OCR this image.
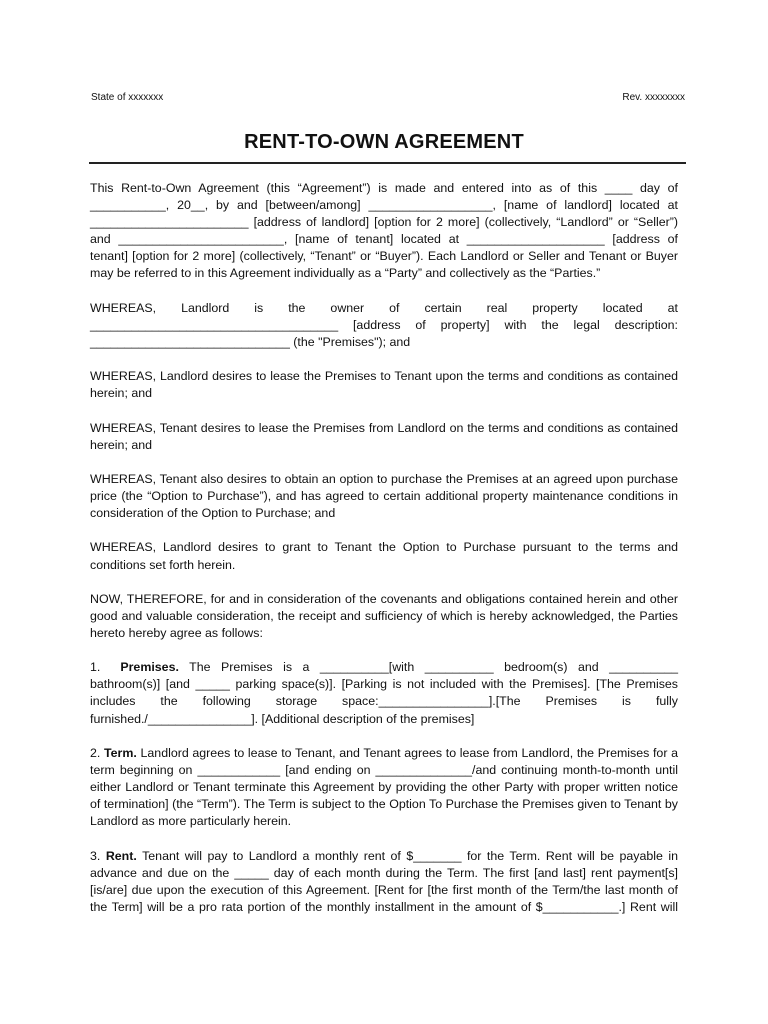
State of xxxxxxx	Rev. xxxxxxxx
RENT-TO-OWN AGREEMENT

This Rent-to-Own Agreement (this “Agreement”) is made and entered into as of this ____ day of ___________, 20__, by and [between/among] __________________, [name of landlord] located at _______________________ [address of landlord] [option for 2 more] (collectively, “Landlord” or “Seller”) and ________________________, [name of tenant] located at ____________________ [address of tenant] [option for 2 more] (collectively, “Tenant” or “Buyer”). Each Landlord or Seller and Tenant or Buyer may be referred to in this Agreement individually as a “Party” and collectively as the “Parties.”

WHEREAS, Landlord is the owner of certain real property located at ____________________________________ [address of property] with the legal description: _____________________________ (the "Premises"); and

WHEREAS, Landlord desires to lease the Premises to Tenant upon the terms and conditions as contained herein; and

WHEREAS, Tenant desires to lease the Premises from Landlord on the terms and conditions as contained herein; and

WHEREAS, Tenant also desires to obtain an option to purchase the Premises at an agreed upon purchase price (the “Option to Purchase”), and has agreed to certain additional property maintenance conditions in consideration of the Option to Purchase; and

WHEREAS, Landlord desires to grant to Tenant the Option to Purchase pursuant to the terms and conditions set forth herein.

NOW, THEREFORE, for and in consideration of the covenants and obligations contained herein and other good and valuable consideration, the receipt and sufficiency of which is hereby acknowledged, the Parties hereto hereby agree as follows:

1. Premises. The Premises is a __________[with __________ bedroom(s) and __________ bathroom(s)] [and _____ parking space(s)]. [Parking is not included with the Premises]. [The Premises includes the following storage space:________________].[The Premises is fully furnished./_______________]. [Additional description of the premises]

2. Term. Landlord agrees to lease to Tenant, and Tenant agrees to lease from Landlord, the Premises for a term beginning on ____________ [and ending on ______________/and continuing month-to-month until either Landlord or Tenant terminate this Agreement by providing the other Party with proper written notice of termination] (the “Term”). The Term is subject to the Option To Purchase the Premises given to Tenant by Landlord as more particularly herein.

3. Rent. Tenant will pay to Landlord a monthly rent of $_______ for the Term. Rent will be payable in advance and due on the _____ day of each month during the Term. The first [and last] rent payment[s] [is/are] due upon the execution of this Agreement. [Rent for [the first month of the Term/the last month of the Term] will be a pro rata portion of the monthly installment in the amount of $___________.] Rent will
